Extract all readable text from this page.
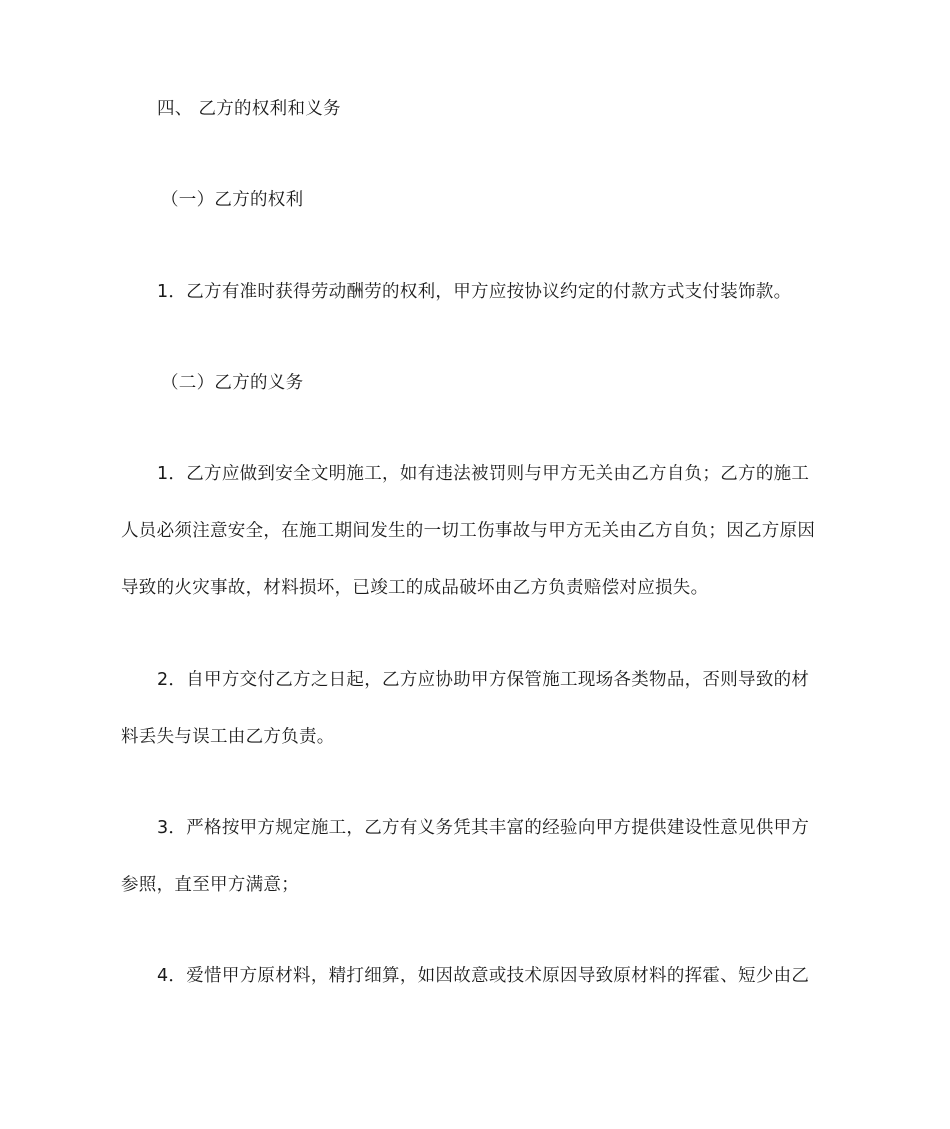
四、 乙方的权利和义务
（一）乙方的权利
1．乙方有准时获得劳动酬劳的权利，甲方应按协议约定的付款方式支付装饰款。
（二）乙方的义务
1．乙方应做到安全文明施工，如有违法被罚则与甲方无关由乙方自负；乙方的施工
人员必须注意安全，在施工期间发生的一切工伤事故与甲方无关由乙方自负；因乙方原因
导致的火灾事故，材料损坏，已竣工的成品破坏由乙方负责赔偿对应损失。
2．自甲方交付乙方之日起，乙方应协助甲方保管施工现场各类物品，否则导致的材
料丢失与误工由乙方负责。
3．严格按甲方规定施工，乙方有义务凭其丰富的经验向甲方提供建设性意见供甲方
参照，直至甲方满意；
4．爱惜甲方原材料，精打细算，如因故意或技术原因导致原材料的挥霍、短少由乙
